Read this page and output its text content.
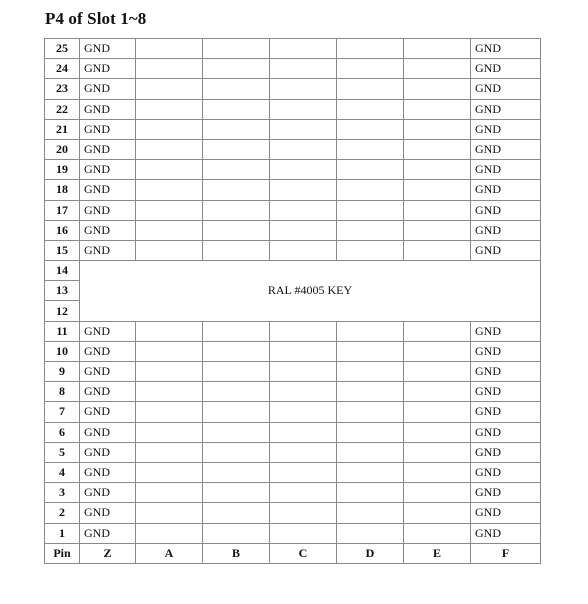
P4 of Slot 1~8
25	GND						GND
24	GND						GND
23	GND						GND
22	GND						GND
21	GND						GND
20	GND						GND
19	GND						GND
18	GND						GND
17	GND						GND
16	GND						GND
15	GND						GND
14	RAL #4005 KEY						
13							
12							
11	GND						GND
10	GND						GND
9	GND						GND
8	GND						GND
7	GND						GND
6	GND						GND
5	GND						GND
4	GND						GND
3	GND						GND
2	GND						GND
1	GND						GND
Pin	Z	A	B	C	D	E	F
